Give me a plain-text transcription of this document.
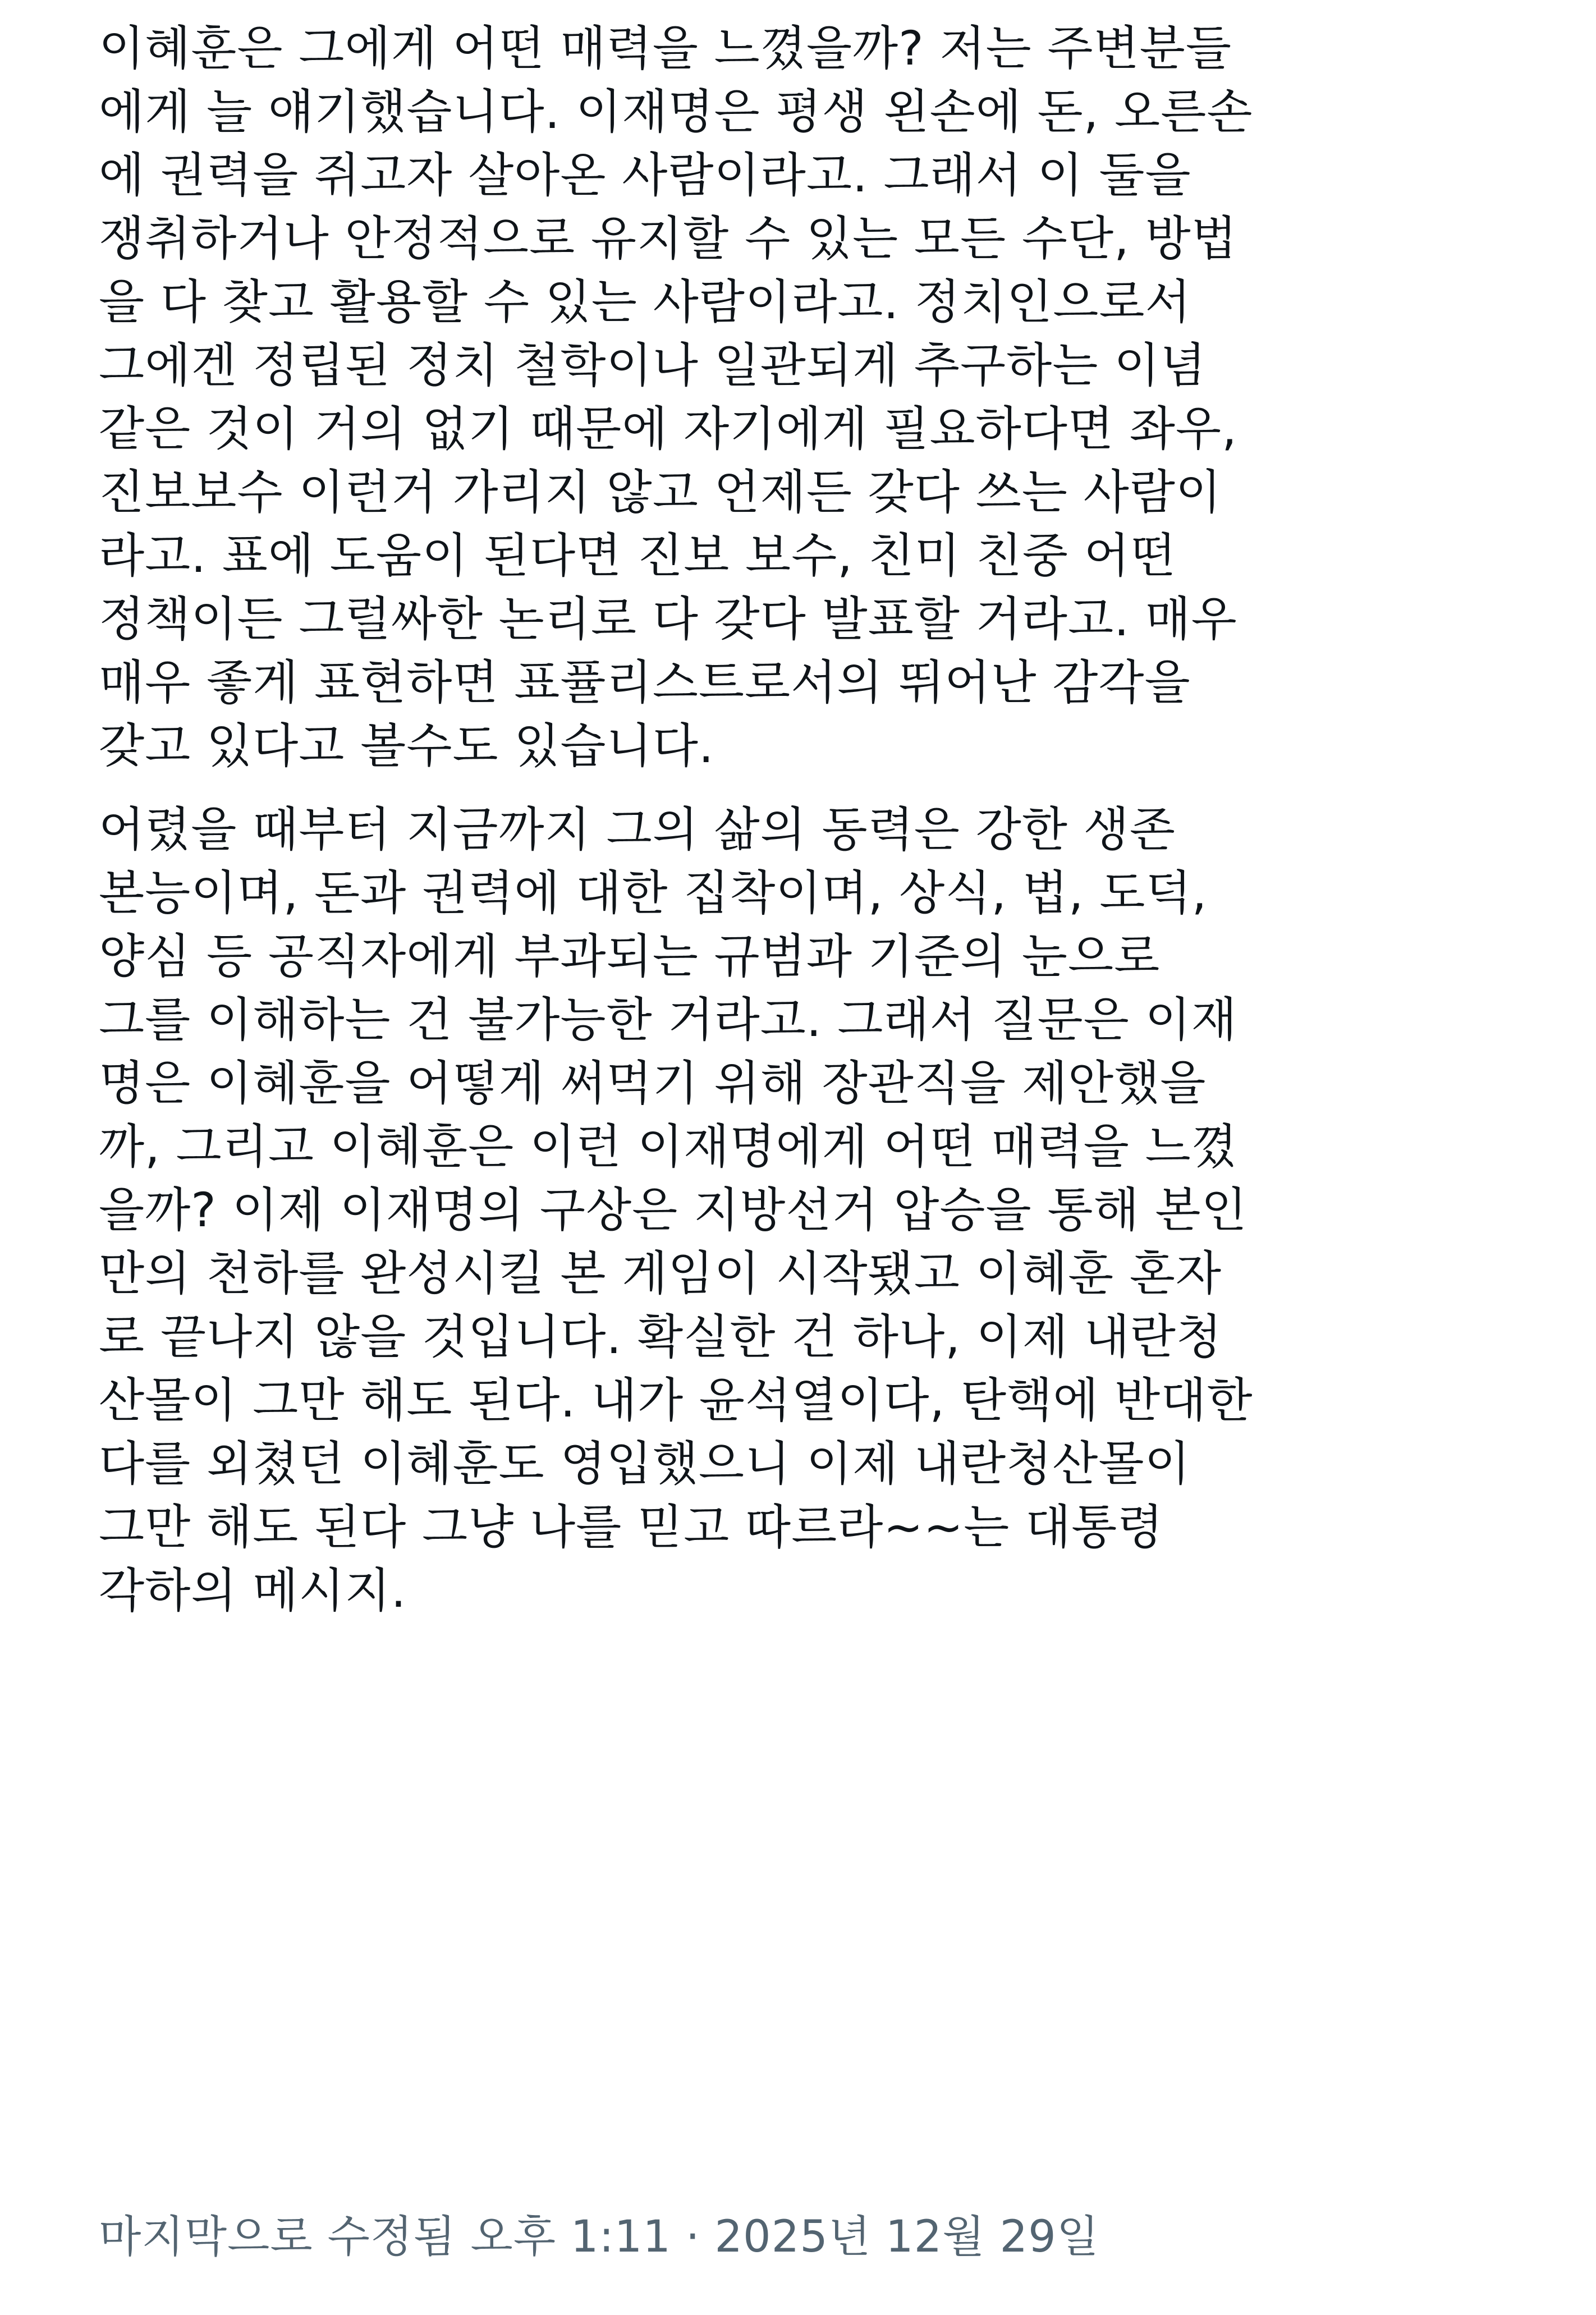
이혜훈은 그에게 어떤 매력을 느꼈을까? 저는 주변분들
에게 늘 얘기했습니다. 이재명은 평생 왼손에 돈, 오른손
에 권력을 쥐고자 살아온 사람이라고. 그래서 이 둘을
쟁취하거나 안정적으로 유지할 수 있는 모든 수단, 방법
을 다 찾고 활용할 수 있는 사람이라고. 정치인으로서
그에겐 정립된 정치 철학이나 일관되게 추구하는 이념
같은 것이 거의 없기 때문에 자기에게 필요하다면 좌우,
진보보수 이런거 가리지 않고 언제든 갖다 쓰는 사람이
라고. 표에 도움이 된다면 진보 보수, 친미 친중 어떤
정책이든 그럴싸한 논리로 다 갖다 발표할 거라고. 매우
매우 좋게 표현하면 표퓰리스트로서의 뛰어난 감각을
갖고 있다고 볼수도 있습니다.
어렸을 때부터 지금까지 그의 삶의 동력은 강한 생존
본능이며, 돈과 권력에 대한 집착이며, 상식, 법, 도덕,
양심 등 공직자에게 부과되는 규범과 기준의 눈으로
그를 이해하는 건 불가능한 거라고. 그래서 질문은 이재
명은 이혜훈을 어떻게 써먹기 위해 장관직을 제안했을
까, 그리고 이혜훈은 이런 이재명에게 어떤 매력을 느꼈
을까? 이제 이재명의 구상은 지방선거 압승을 통해 본인
만의 천하를 완성시킬 본 게임이 시작됐고 이혜훈 혼자
로 끝나지 않을 것입니다. 확실한 건 하나, 이제 내란청
산몰이 그만 해도 된다. 내가 윤석열이다, 탄핵에 반대한
다를 외쳤던 이혜훈도 영입했으니 이제 내란청산몰이
그만 해도 된다 그냥 나를 믿고 따르라~~는 대통령
각하의 메시지.
마지막으로 수정됨 오후 1:11 · 2025년 12월 29일
